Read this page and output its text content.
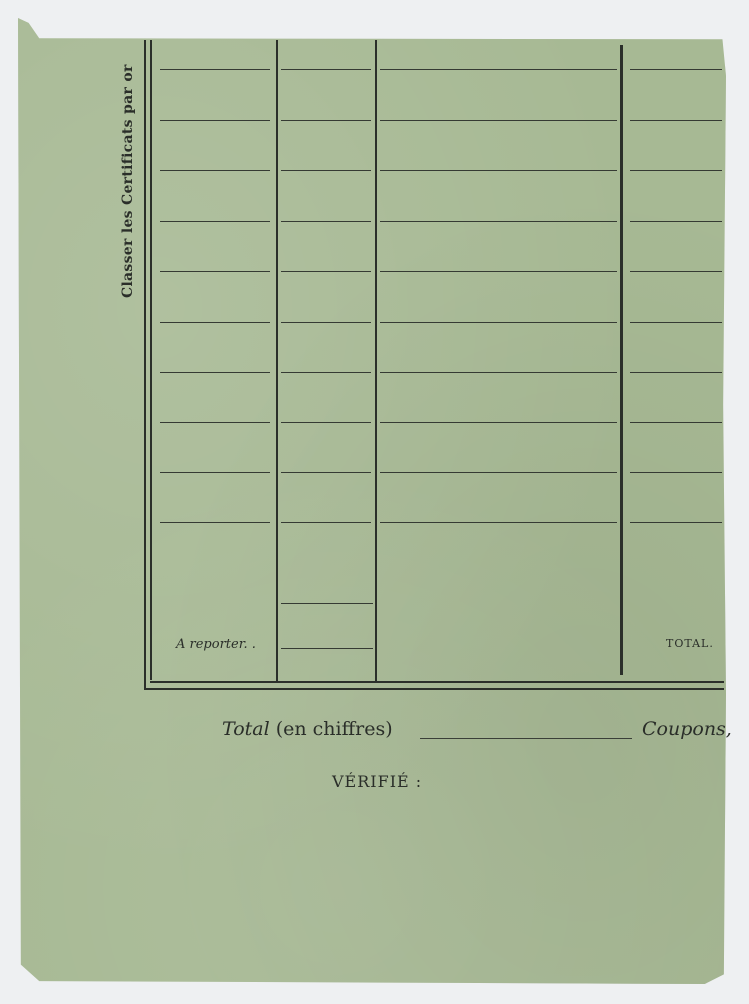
Classer les Certificats par or
A reporter. .	TOTAL.
Total (en chiffres)	Coupons,
VÉRIFIÉ :
